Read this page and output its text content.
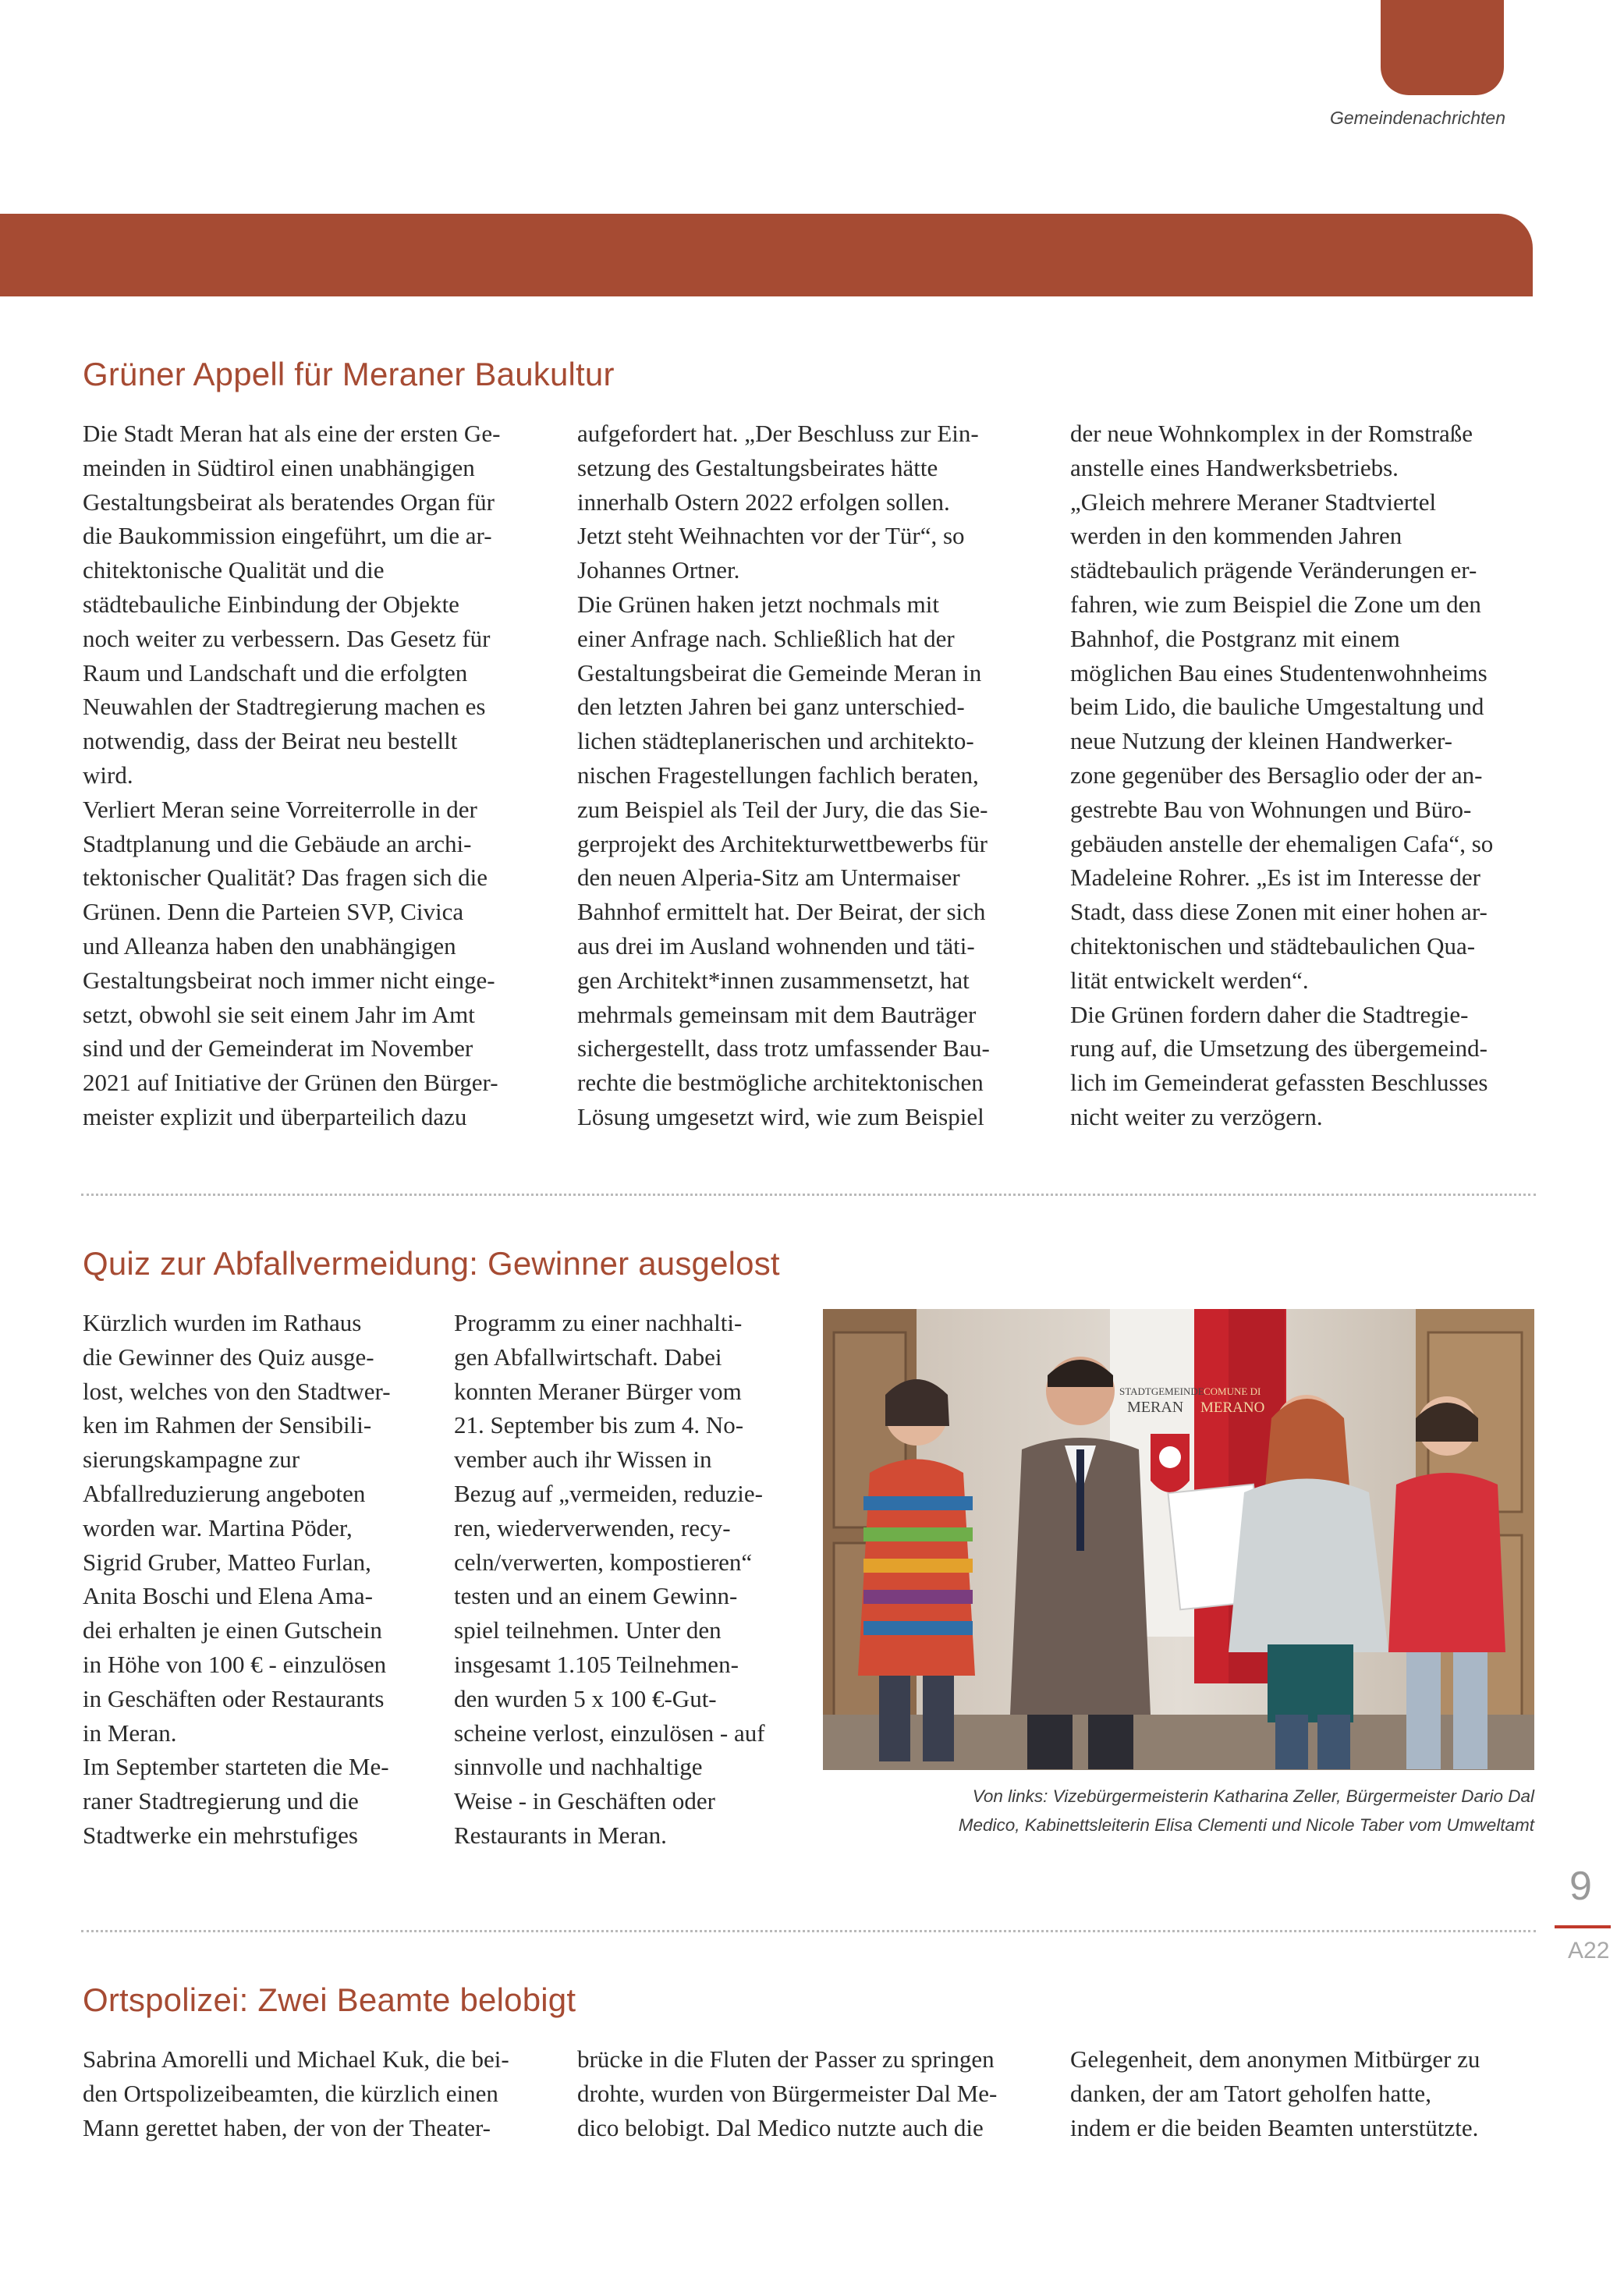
Gemeindenachrichten
Grüner Appell für Meraner Baukultur
Die Stadt Meran hat als eine der ersten Ge-
meinden in Südtirol einen unabhängigen
Gestaltungsbeirat als beratendes Organ für
die Baukommission eingeführt, um die ar-
chitektonische Qualität und die
städtebauliche Einbindung der Objekte
noch weiter zu verbessern. Das Gesetz für
Raum und Landschaft und die erfolgten
Neuwahlen der Stadtregierung machen es
notwendig, dass der Beirat neu bestellt
wird.
Verliert Meran seine Vorreiterrolle in der
Stadtplanung und die Gebäude an archi-
tektonischer Qualität? Das fragen sich die
Grünen. Denn die Parteien SVP, Civica
und Alleanza haben den unabhängigen
Gestaltungsbeirat noch immer nicht einge-
setzt, obwohl sie seit einem Jahr im Amt
sind und der Gemeinderat im November
2021 auf Initiative der Grünen den Bürger-
meister explizit und überparteilich dazu
aufgefordert hat. „Der Beschluss zur Ein-
setzung des Gestaltungsbeirates hätte
innerhalb Ostern 2022 erfolgen sollen.
Jetzt steht Weihnachten vor der Tür“, so
Johannes Ortner.
Die Grünen haken jetzt nochmals mit
einer Anfrage nach. Schließlich hat der
Gestaltungsbeirat die Gemeinde Meran in
den letzten Jahren bei ganz unterschied-
lichen städteplanerischen und architekto-
nischen Fragestellungen fachlich beraten,
zum Beispiel als Teil der Jury, die das Sie-
gerprojekt des Architekturwettbewerbs für
den neuen Alperia-Sitz am Untermaiser
Bahnhof ermittelt hat. Der Beirat, der sich
aus drei im Ausland wohnenden und täti-
gen Architekt*innen zusammensetzt, hat
mehrmals gemeinsam mit dem Bauträger
sichergestellt, dass trotz umfassender Bau-
rechte die bestmögliche architektonischen
Lösung umgesetzt wird, wie zum Beispiel
der neue Wohnkomplex in der Romstraße
anstelle eines Handwerksbetriebs.
„Gleich mehrere Meraner Stadtviertel
werden in den kommenden Jahren
städtebaulich prägende Veränderungen er-
fahren, wie zum Beispiel die Zone um den
Bahnhof, die Postgranz mit einem
möglichen Bau eines Studentenwohnheims
beim Lido, die bauliche Umgestaltung und
neue Nutzung der kleinen Handwerker-
zone gegenüber des Bersaglio oder der an-
gestrebte Bau von Wohnungen und Büro-
gebäuden anstelle der ehemaligen Cafa“, so
Madeleine Rohrer. „Es ist im Interesse der
Stadt, dass diese Zonen mit einer hohen ar-
chitektonischen und städtebaulichen Qua-
lität entwickelt werden“.
Die Grünen fordern daher die Stadtregie-
rung auf, die Umsetzung des übergemeind-
lich im Gemeinderat gefassten Beschlusses
nicht weiter zu verzögern.
Quiz zur Abfallvermeidung: Gewinner ausgelost
Kürzlich wurden im Rathaus
die Gewinner des Quiz ausge-
lost, welches von den Stadtwer-
ken im Rahmen der Sensibili-
sierungskampagne zur
Abfallreduzierung angeboten
worden war. Martina Pöder,
Sigrid Gruber, Matteo Furlan,
Anita Boschi und Elena Ama-
dei erhalten je einen Gutschein
in Höhe von 100 € - einzulösen
in Geschäften oder Restaurants
in Meran.
Im September starteten die Me-
raner Stadtregierung und die
Stadtwerke ein mehrstufiges
Programm zu einer nachhalti-
gen Abfallwirtschaft. Dabei
konnten Meraner Bürger vom
21. September bis zum 4. No-
vember auch ihr Wissen in
Bezug auf „vermeiden, reduzie-
ren, wiederverwenden, recy-
celn/verwerten, kompostieren“
testen und an einem Gewinn-
spiel teilnehmen. Unter den
insgesamt 1.105 Teilnehmen-
den wurden 5 x 100 €-Gut-
scheine verlost, einzulösen - auf
sinnvolle und nachhaltige
Weise - in Geschäften oder
Restaurants in Meran.
STADTGEMEINDE
MERAN
COMUNE DI
MERANO
Von links: Vizebürgermeisterin Katharina Zeller, Bürgermeister Dario Dal
Medico, Kabinettsleiterin Elisa Clementi und Nicole Taber vom Umweltamt
9
A22
Ortspolizei: Zwei Beamte belobigt
Sabrina Amorelli und Michael Kuk, die bei-
den Ortspolizeibeamten, die kürzlich einen
Mann gerettet haben, der von der Theater-
brücke in die Fluten der Passer zu springen
drohte, wurden von Bürgermeister Dal Me-
dico belobigt. Dal Medico nutzte auch die
Gelegenheit, dem anonymen Mitbürger zu
danken, der am Tatort geholfen hatte,
indem er die beiden Beamten unterstützte.
